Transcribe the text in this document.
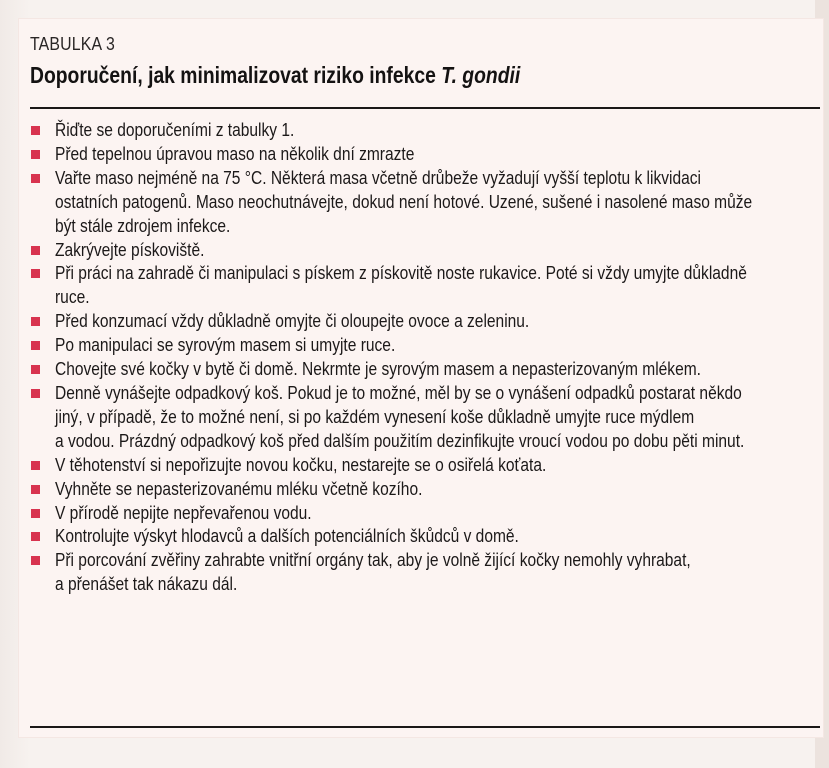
TABULKA 3
Doporučení, jak minimalizovat riziko infekce T. gondii
Řiďte se doporučeními z tabulky 1.
Před tepelnou úpravou maso na několik dní zmrazte
Vařte maso nejméně na 75 °C. Některá masa včetně drůbeže vyžadují vyšší teplotu k likvidaci
ostatních patogenů. Maso neochutnávejte, dokud není hotové. Uzené, sušené i nasolené maso může
být stále zdrojem infekce.
Zakrývejte pískoviště.
Při práci na zahradě či manipulaci s pískem z pískovitě noste rukavice. Poté si vždy umyjte důkladně
ruce.
Před konzumací vždy důkladně omyjte či oloupejte ovoce a zeleninu.
Po manipulaci se syrovým masem si umyjte ruce.
Chovejte své kočky v bytě či domě. Nekrmte je syrovým masem a nepasterizovaným mlékem.
Denně vynášejte odpadkový koš. Pokud je to možné, měl by se o vynášení odpadků postarat někdo
jiný, v případě, že to možné není, si po každém vynesení koše důkladně umyjte ruce mýdlem
a vodou. Prázdný odpadkový koš před dalším použitím dezinfikujte vroucí vodou po dobu pěti minut.
V těhotenství si nepořizujte novou kočku, nestarejte se o osiřelá koťata.
Vyhněte se nepasterizovanému mléku včetně kozího.
V přírodě nepijte nepřevařenou vodu.
Kontrolujte výskyt hlodavců a dalších potenciálních škůdců v domě.
Při porcování zvěřiny zahrabte vnitřní orgány tak, aby je volně žijící kočky nemohly vyhrabat,
a přenášet tak nákazu dál.
